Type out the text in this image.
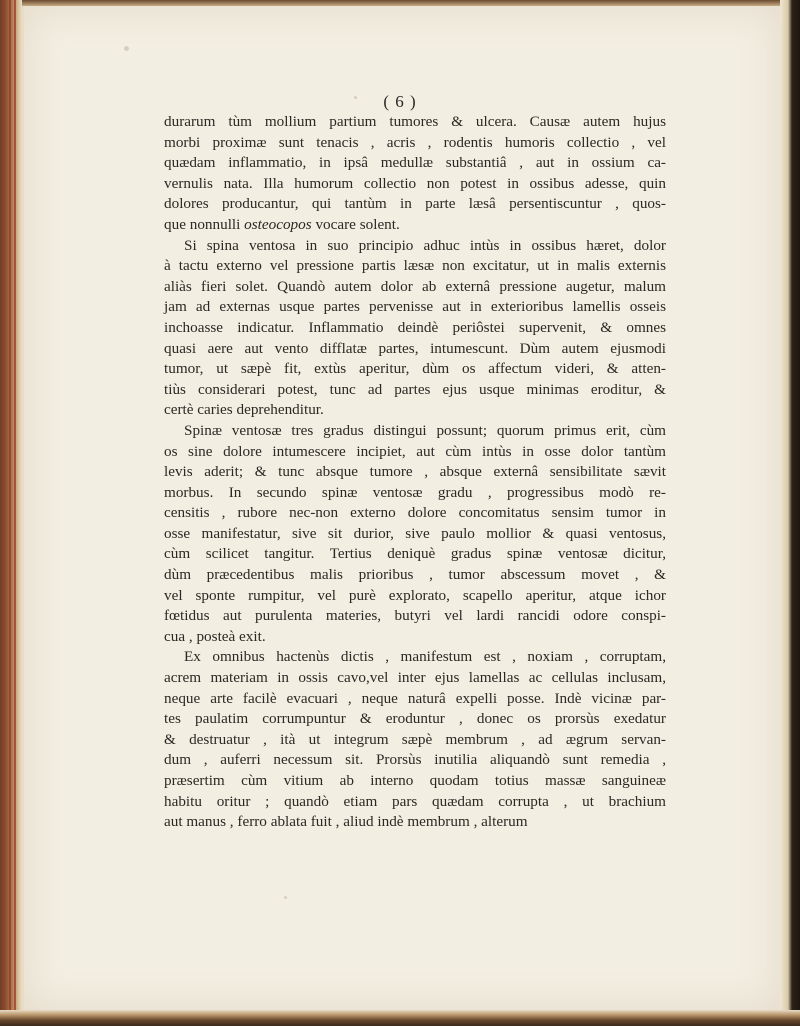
( 6 )
durarum tùm mollium partium tumores & ulcera. Causæ autem hujus
morbi proximæ sunt tenacis , acris , rodentis humoris collectio , vel
quædam inflammatio, in ipsâ medullæ substantiâ , aut in ossium ca-
vernulis nata. Illa humorum collectio non potest in ossibus adesse, quin
dolores producantur, qui tantùm in parte læsâ persentiscuntur , quos-
que nonnulli osteocopos vocare solent.
Si spina ventosa in suo principio adhuc intùs in ossibus hæret, dolor
à tactu externo vel pressione partis læsæ non excitatur, ut in malis externis
aliàs fieri solet. Quandò autem dolor ab externâ pressione augetur, malum
jam ad externas usque partes pervenisse aut in exterioribus lamellis osseis
inchoasse indicatur. Inflammatio deindè periôstei supervenit, & omnes
quasi aere aut vento difflatæ partes, intumescunt. Dùm autem ejusmodi
tumor, ut sæpè fit, extùs aperitur, dùm os affectum videri, & atten-
tiùs considerari potest, tunc ad partes ejus usque minimas eroditur, &
certè caries deprehenditur.
Spinæ ventosæ tres gradus distingui possunt; quorum primus erit, cùm
os sine dolore intumescere incipiet, aut cùm intùs in osse dolor tantùm
levis aderit; & tunc absque tumore , absque externâ sensibilitate sævit
morbus. In secundo spinæ ventosæ gradu , progressibus modò re-
censitis , rubore nec-non externo dolore concomitatus sensim tumor in
osse manifestatur, sive sit durior, sive paulo mollior & quasi ventosus,
cùm scilicet tangitur. Tertius deniquè gradus spinæ ventosæ dicitur,
dùm præcedentibus malis prioribus , tumor abscessum movet , &
vel sponte rumpitur, vel purè explorato, scapello aperitur, atque ichor
fœtidus aut purulenta materies, butyri vel lardi rancidi odore conspi-
cua , posteà exit.
Ex omnibus hactenùs dictis , manifestum est , noxiam , corruptam,
acrem materiam in ossis cavo,vel inter ejus lamellas ac cellulas inclusam,
neque arte facilè evacuari , neque naturâ expelli posse. Indè vicinæ par-
tes paulatim corrumpuntur & eroduntur , donec os prorsùs exedatur
& destruatur , ità ut integrum sæpè membrum , ad ægrum servan-
dum , auferri necessum sit. Prorsùs inutilia aliquandò sunt remedia ,
præsertim cùm vitium ab interno quodam totius massæ sanguineæ
habitu oritur ; quandò etiam pars quædam corrupta , ut brachium
aut manus , ferro ablata fuit , aliud indè membrum , alterum
